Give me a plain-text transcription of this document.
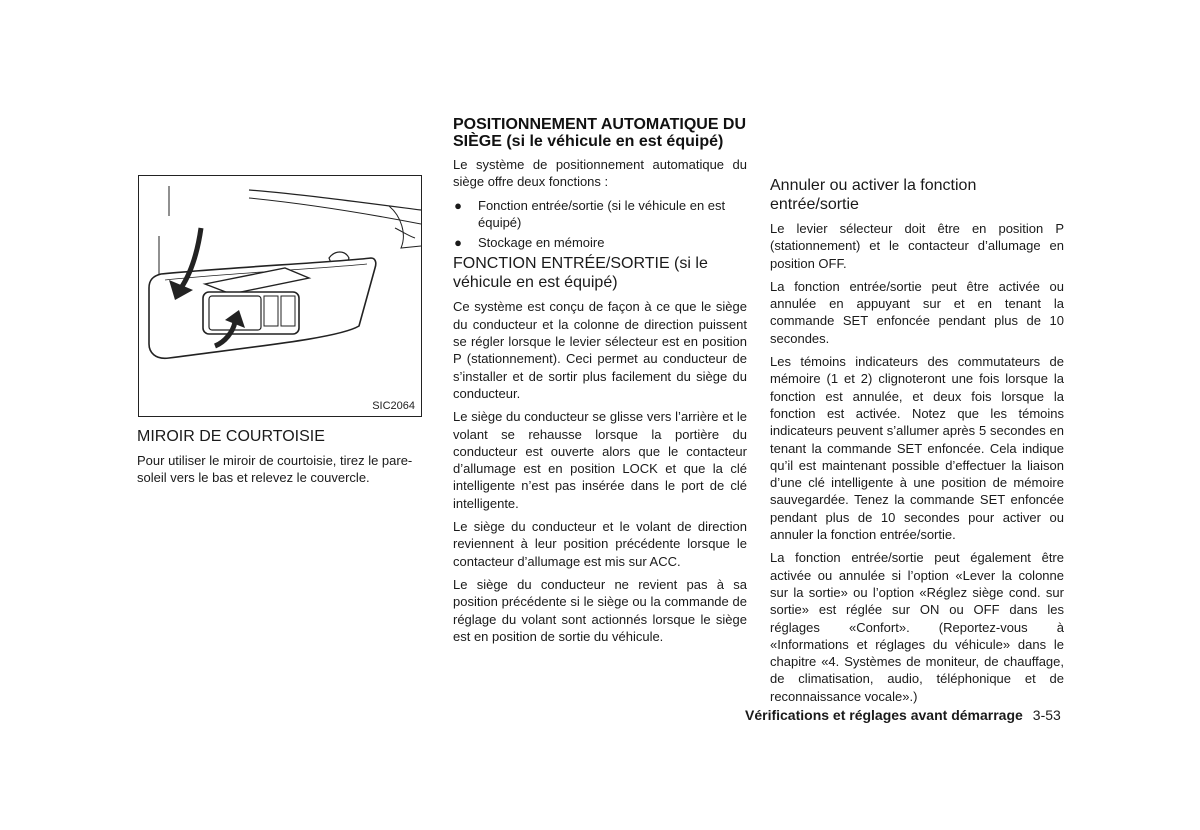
SIC2064
MIROIR DE COURTOISIE

Pour utiliser le miroir de courtoisie, tirez le pare-soleil vers le bas et relevez le couvercle.

POSITIONNEMENT AUTOMATIQUE DU SIÈGE (si le véhicule en est équipé)

Le système de positionnement automatique du siège offre deux fonctions :

● Fonction entrée/sortie (si le véhicule en est équipé)
● Stockage en mémoire
FONCTION ENTRÉE/SORTIE (si le véhicule en est équipé)

Ce système est conçu de façon à ce que le siège du conducteur et la colonne de direction puissent se régler lorsque le levier sélecteur est en position P (stationnement). Ceci permet au conducteur de s’installer et de sortir plus facilement du siège du conducteur.

Le siège du conducteur se glisse vers l’arrière et le volant se rehausse lorsque la portière du conducteur est ouverte alors que le contacteur d’allumage est en position LOCK et que la clé intelligente n’est pas insérée dans le port de clé intelligente.

Le siège du conducteur et le volant de direction reviennent à leur position précédente lorsque le contacteur d’allumage est mis sur ACC.

Le siège du conducteur ne revient pas à sa position précédente si le siège ou la commande de réglage du volant sont actionnés lorsque le siège est en position de sortie du véhicule.

Annuler ou activer la fonction entrée/sortie

Le levier sélecteur doit être en position P (stationnement) et le contacteur d’allumage en position OFF.

La fonction entrée/sortie peut être activée ou annulée en appuyant sur et en tenant la commande SET enfoncée pendant plus de 10 secondes.

Les témoins indicateurs des commutateurs de mémoire (1 et 2) clignoteront une fois lorsque la fonction est annulée, et deux fois lorsque la fonction est activée. Notez que les témoins indicateurs peuvent s’allumer après 5 secondes en tenant la commande SET enfoncée. Cela indique qu’il est maintenant possible d’effectuer la liaison d’une clé intelligente à une position de mémoire sauvegardée. Tenez la commande SET enfoncée pendant plus de 10 secondes pour activer ou annuler la fonction entrée/sortie.

La fonction entrée/sortie peut également être activée ou annulée si l’option «Lever la colonne sur la sortie» ou l’option «Réglez siège cond. sur sortie» est réglée sur ON ou OFF dans les réglages «Confort». (Reportez-vous à «Informations et réglages du véhicule» dans le chapitre «4. Systèmes de moniteur, de chauffage, de climatisation, audio, téléphonique et de reconnaissance vocale».)

Vérifications et réglages avant démarrage 3-53
